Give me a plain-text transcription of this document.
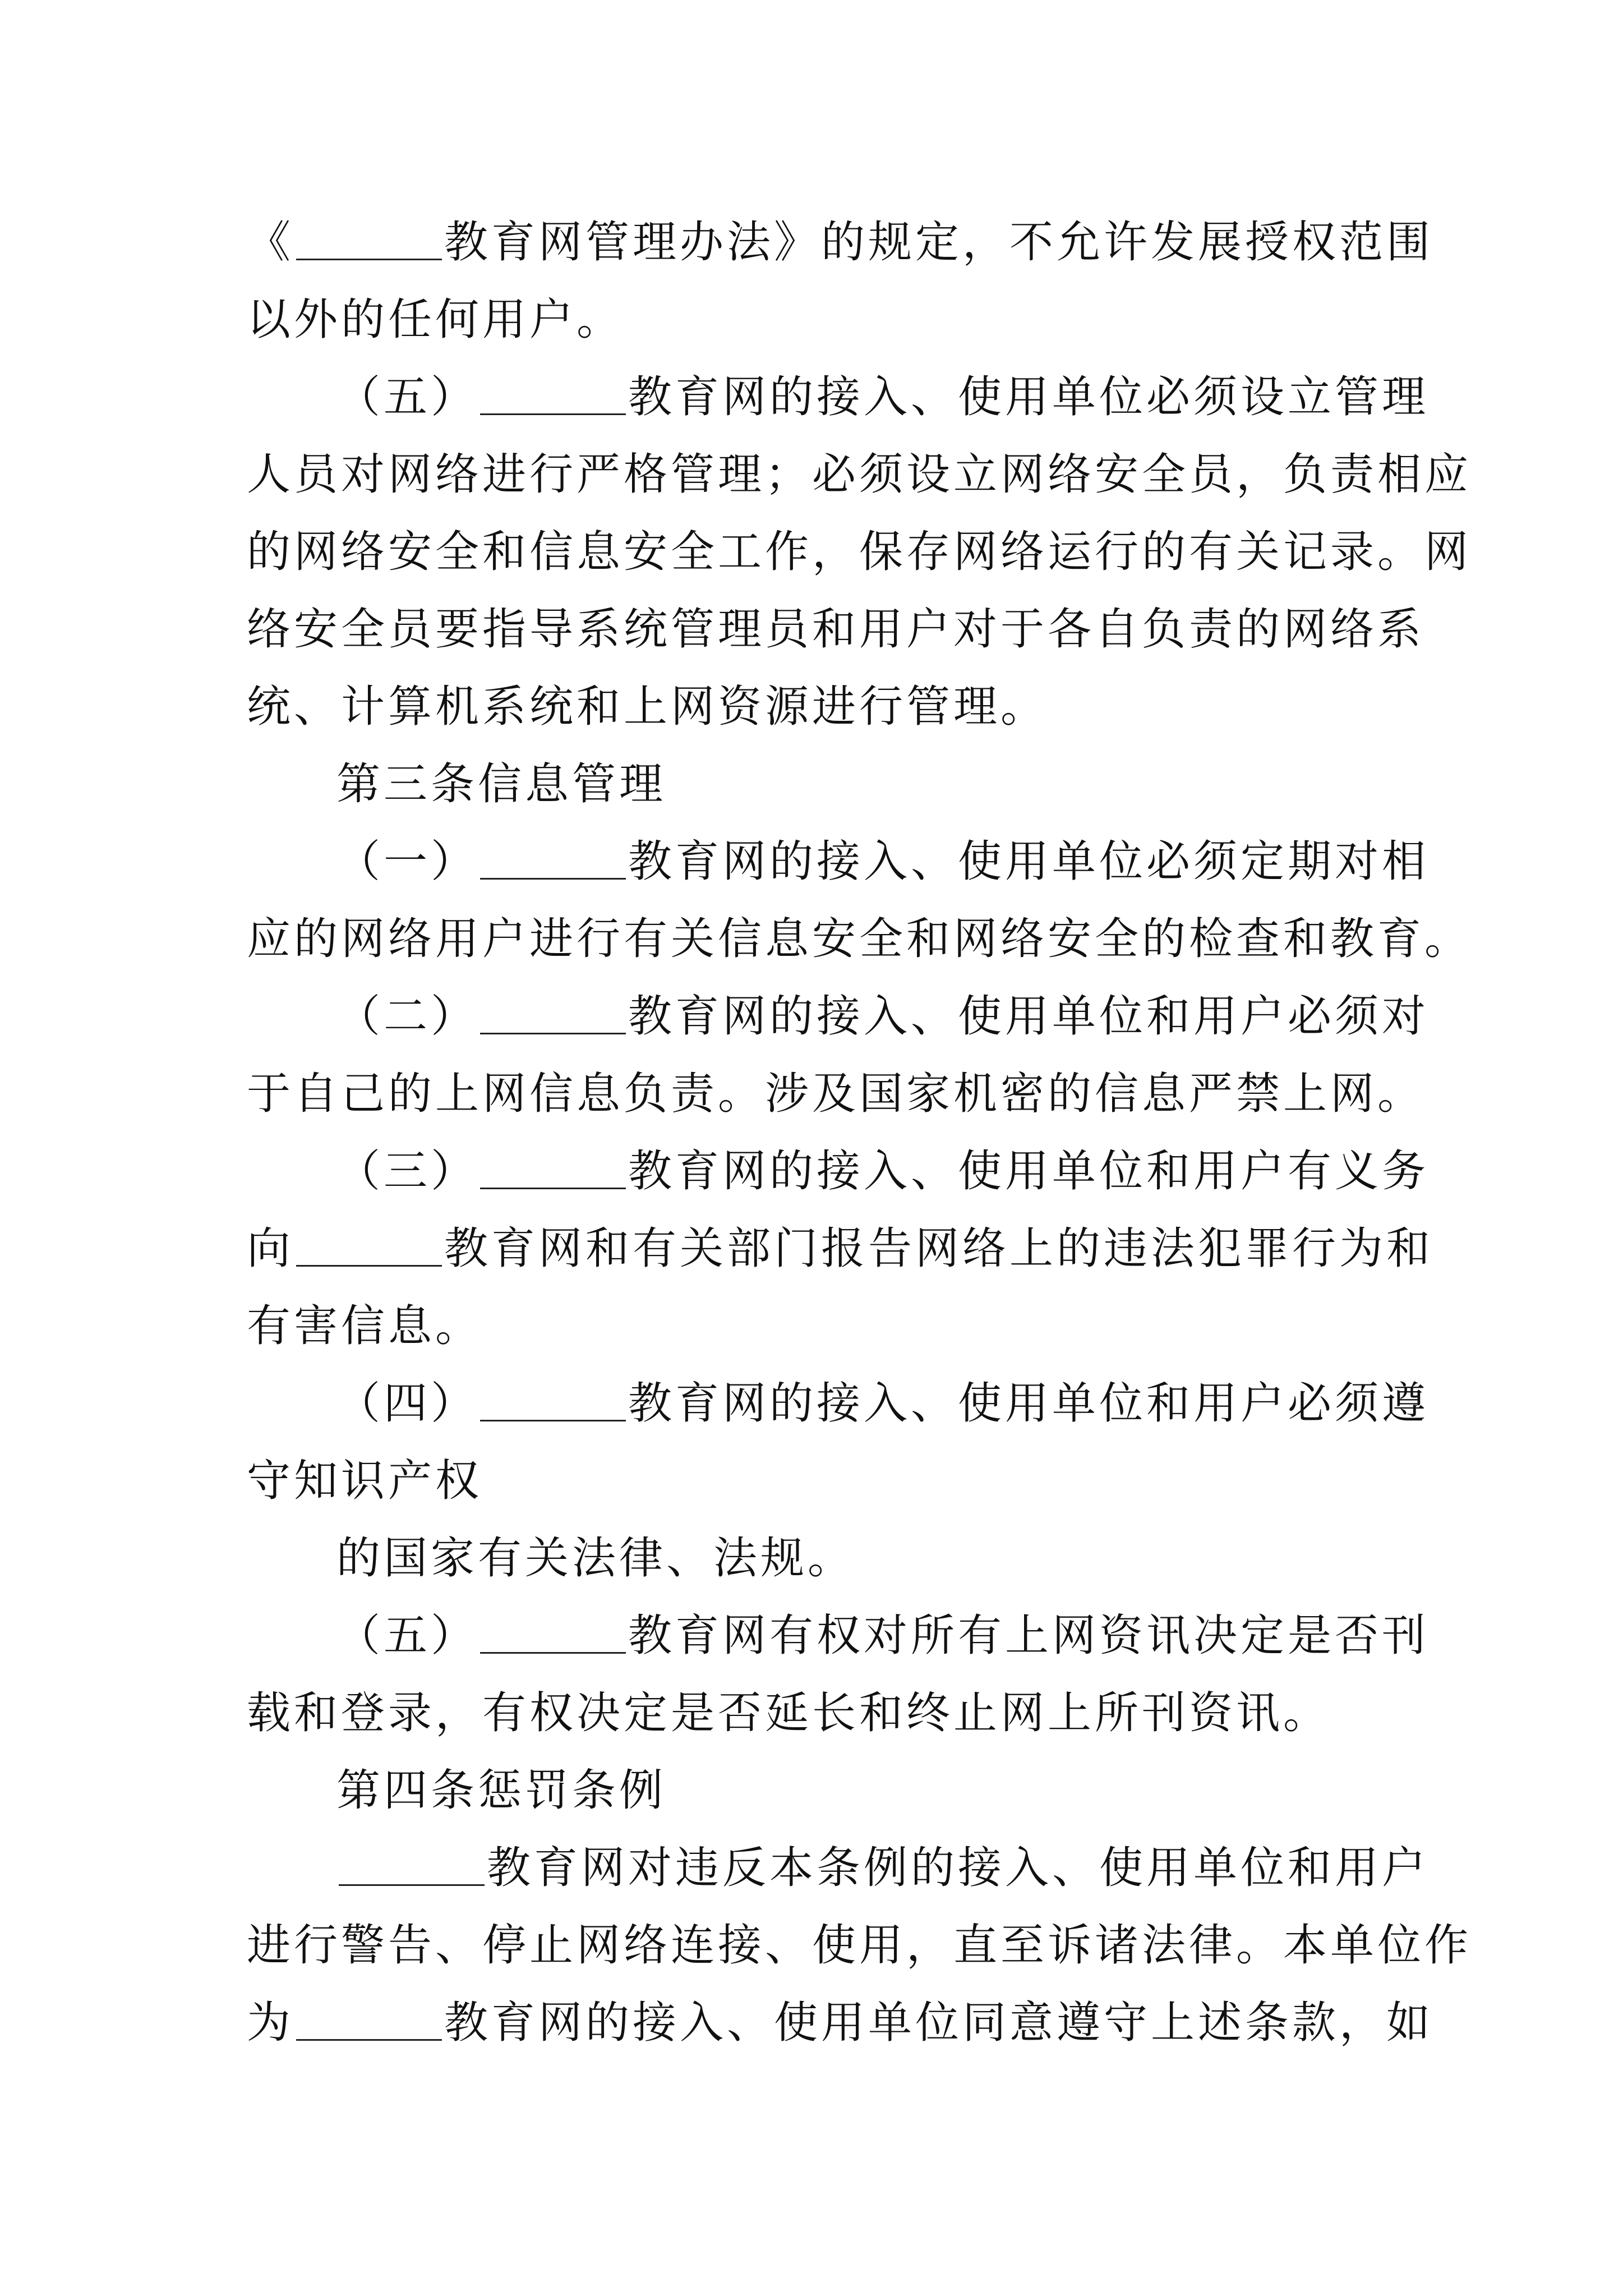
《	教育网管理办法》的规定，不允许发展授权范围
以外的任何用户。
（五）	教育网的接入、使用单位必须设立管理
人员对网络进行严格管理；必须设立网络安全员，负责相应
的网络安全和信息安全工作，保存网络运行的有关记录。网
络安全员要指导系统管理员和用户对于各自负责的网络系
统、计算机系统和上网资源进行管理。
第三条信息管理
（一）	教育网的接入、使用单位必须定期对相
应的网络用户进行有关信息安全和网络安全的检查和教育。
（二）	教育网的接入、使用单位和用户必须对
于自己的上网信息负责。涉及国家机密的信息严禁上网。
（三）	教育网的接入、使用单位和用户有义务
向	教育网和有关部门报告网络上的违法犯罪行为和
有害信息。
（四）	教育网的接入、使用单位和用户必须遵
守知识产权
的国家有关法律、法规。
（五）	教育网有权对所有上网资讯决定是否刊
载和登录，有权决定是否延长和终止网上所刊资讯。
第四条惩罚条例
教育网对违反本条例的接入、使用单位和用户
进行警告、停止网络连接、使用，直至诉诸法律。本单位作
为	教育网的接入、使用单位同意遵守上述条款，如
